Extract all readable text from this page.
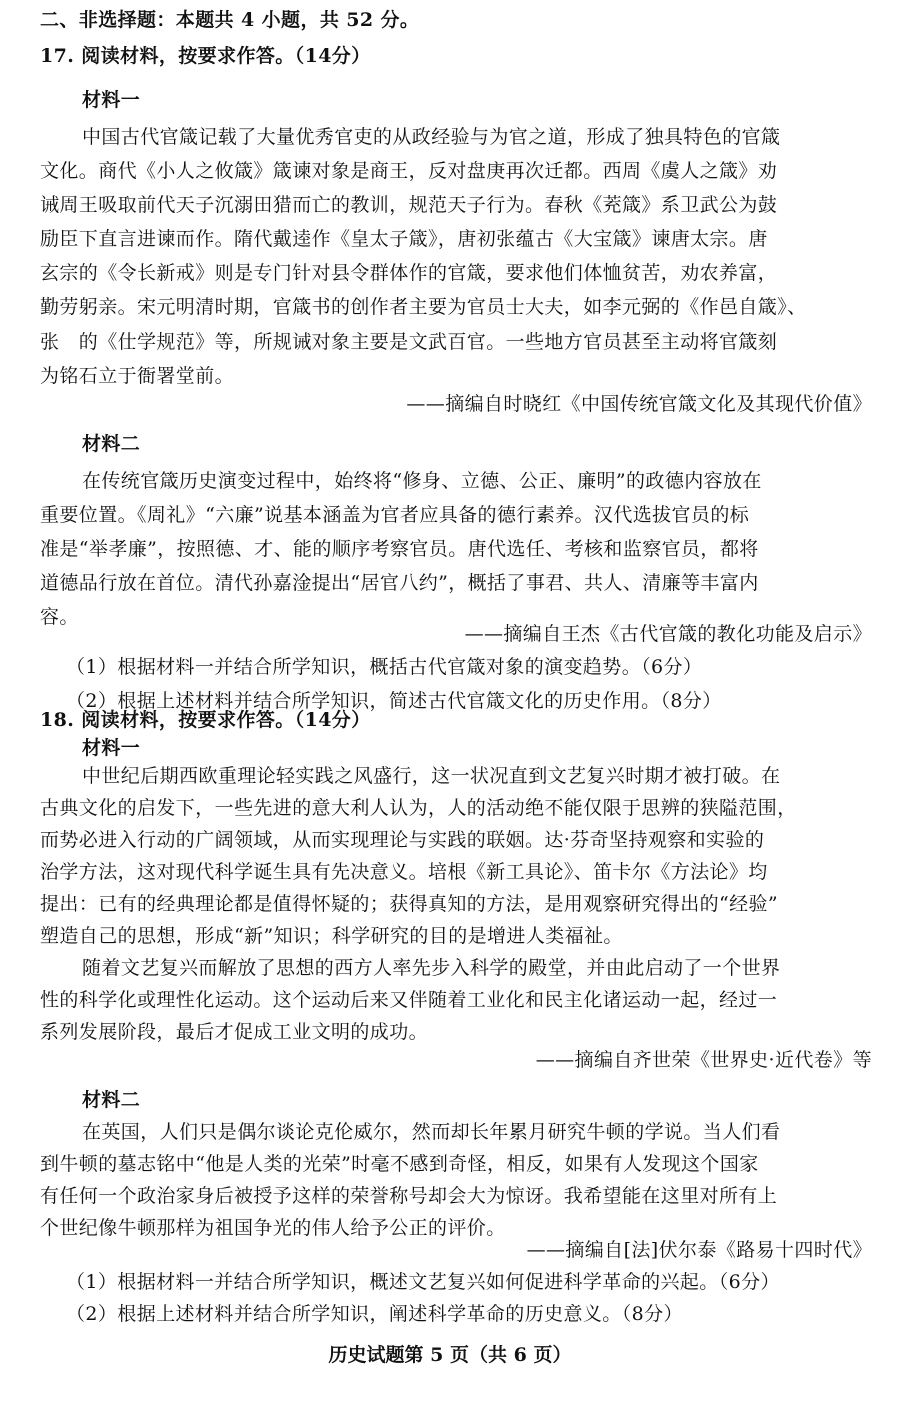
二、非选择题：本题共 4 小题，共 52 分。
17. 阅读材料，按要求作答。（14分）
材料一
中国古代官箴记载了大量优秀官吏的从政经验与为官之道，形成了独具特色的官箴
文化。商代《小人之攸箴》箴谏对象是商王，反对盘庚再次迁都。西周《虞人之箴》劝
诫周王吸取前代天子沉溺田猎而亡的教训，规范天子行为。春秋《茺箴》系卫武公为鼓
励臣下直言进谏而作。隋代戴逵作《皇太子箴》，唐初张蕴古《大宝箴》谏唐太宗。唐
玄宗的《令长新戒》则是专门针对县令群体作的官箴，要求他们体恤贫苦，劝农养富，
勤劳躬亲。宋元明清时期，官箴书的创作者主要为官员士大夫，如李元弼的《作邑自箴》、
张　的《仕学规范》等，所规诫对象主要是文武百官。一些地方官员甚至主动将官箴刻
为铭石立于衙署堂前。
——摘编自时晓红《中国传统官箴文化及其现代价值》
材料二
在传统官箴历史演变过程中，始终将“修身、立德、公正、廉明”的政德内容放在
重要位置。《周礼》“六廉”说基本涵盖为官者应具备的德行素养。汉代选拔官员的标
准是“举孝廉”，按照德、才、能的顺序考察官员。唐代选任、考核和监察官员，都将
道德品行放在首位。清代孙嘉淦提出“居官八约”，概括了事君、共人、清廉等丰富内
容。
——摘编自王杰《古代官箴的教化功能及启示》
（1）根据材料一并结合所学知识，概括古代官箴对象的演变趋势。（6分）
（2）根据上述材料并结合所学知识，简述古代官箴文化的历史作用。（8分）
18. 阅读材料，按要求作答。（14分）
材料一
中世纪后期西欧重理论轻实践之风盛行，这一状况直到文艺复兴时期才被打破。在
古典文化的启发下，一些先进的意大利人认为，人的活动绝不能仅限于思辨的狭隘范围，
而势必进入行动的广阔领域，从而实现理论与实践的联姻。达·芬奇坚持观察和实验的
治学方法，这对现代科学诞生具有先决意义。培根《新工具论》、笛卡尔《方法论》均
提出：已有的经典理论都是值得怀疑的；获得真知的方法，是用观察研究得出的“经验”
塑造自己的思想，形成“新”知识；科学研究的目的是增进人类福祉。
随着文艺复兴而解放了思想的西方人率先步入科学的殿堂，并由此启动了一个世界
性的科学化或理性化运动。这个运动后来又伴随着工业化和民主化诸运动一起，经过一
系列发展阶段，最后才促成工业文明的成功。
——摘编自齐世荣《世界史·近代卷》等
材料二
在英国，人们只是偶尔谈论克伦威尔，然而却长年累月研究牛顿的学说。当人们看
到牛顿的墓志铭中“他是人类的光荣”时毫不感到奇怪，相反，如果有人发现这个国家
有任何一个政治家身后被授予这样的荣誉称号却会大为惊讶。我希望能在这里对所有上
个世纪像牛顿那样为祖国争光的伟人给予公正的评价。
——摘编自[法]伏尔泰《路易十四时代》
（1）根据材料一并结合所学知识，概述文艺复兴如何促进科学革命的兴起。（6分）
历史试题第 5 页（共 6 页）
（2）根据上述材料并结合所学知识，阐述科学革命的历史意义。（8分）
